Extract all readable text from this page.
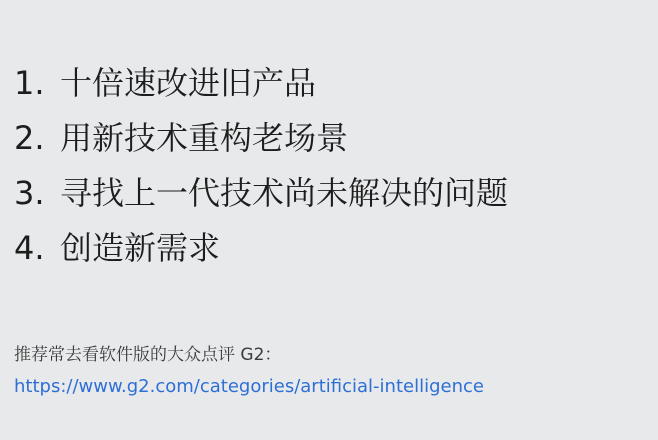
1. 十倍速改进旧产品
2. 用新技术重构老场景
3. 寻找上一代技术尚未解决的问题
4. 创造新需求
推荐常去看软件版的大众点评 G2：
https://www.g2.com/categories/artificial-intelligence
